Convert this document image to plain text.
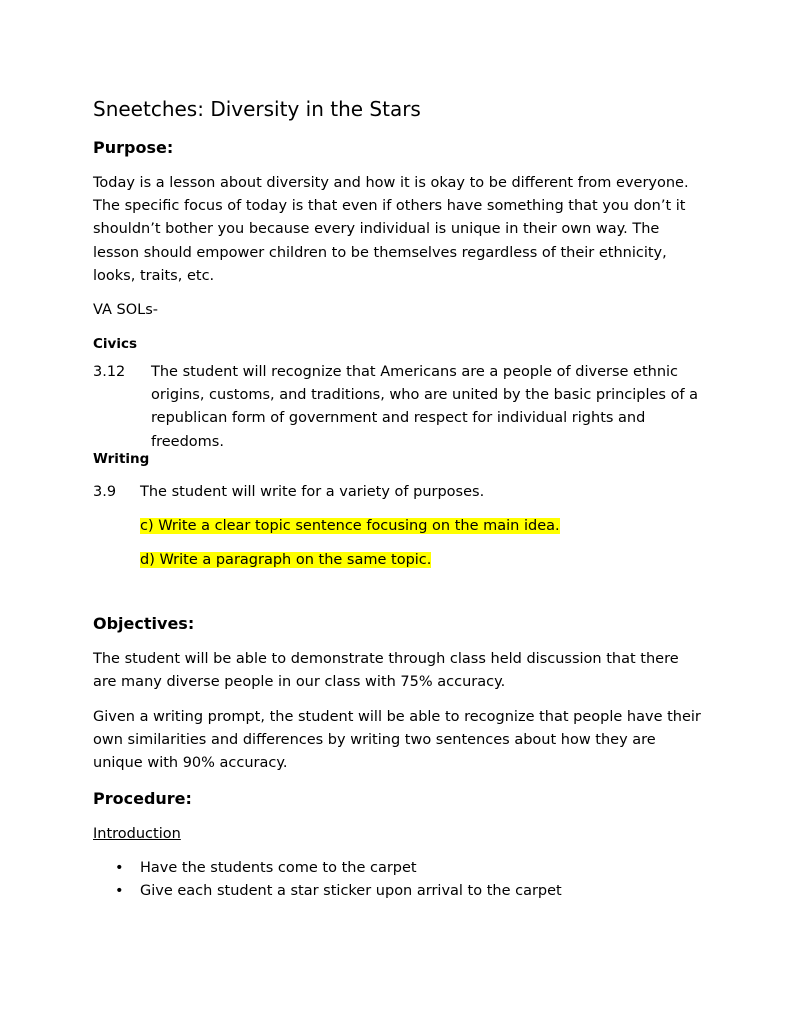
Sneetches: Diversity in the Stars
Purpose:
Today is a lesson about diversity and how it is okay to be different from everyone. The specific focus of today is that even if others have something that you don’t it shouldn’t bother you because every individual is unique in their own way. The lesson should empower children to be themselves regardless of their ethnicity, looks, traits, etc.
VA SOLs-
Civics
3.12 The student will recognize that Americans are a people of diverse ethnic origins, customs, and traditions, who are united by the basic principles of a republican form of government and respect for individual rights and freedoms.
Writing
3.9 The student will write for a variety of purposes.
c) Write a clear topic sentence focusing on the main idea.
d) Write a paragraph on the same topic.
Objectives:
The student will be able to demonstrate through class held discussion that there are many diverse people in our class with 75% accuracy.
Given a writing prompt, the student will be able to recognize that people have their own similarities and differences by writing two sentences about how they are unique with 90% accuracy.
Procedure:
Introduction
• Have the students come to the carpet
• Give each student a star sticker upon arrival to the carpet
